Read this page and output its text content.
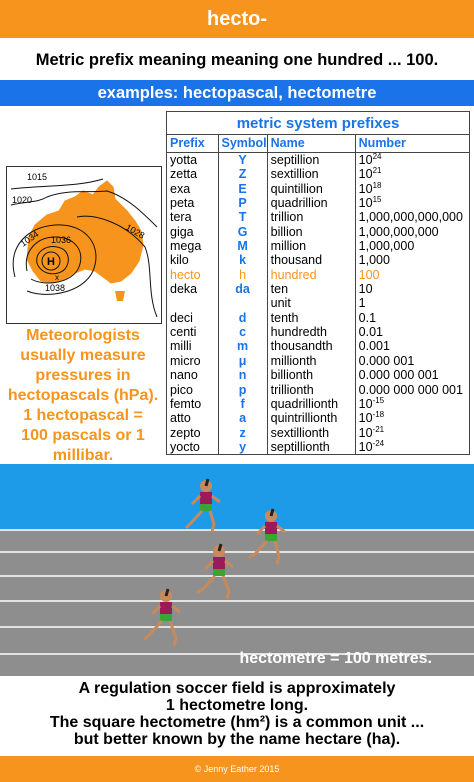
hecto-
Metric prefix meaning meaning one hundred ... 100.
examples: hectopascal, hectometre
1015
1020
1028
1034 1036
H
x
1038
Meteorologists
usually measure
pressures in
hectopascals (hPa).
1 hectopascal =
100 pascals or 1
millibar.
metric system prefixes
Prefix	Symbol	Name	Number
yotta	Y	septillion	$10^{24}$
zetta	Z	sextillion	$10^{21}$
exa	E	quintillion	$10^{18}$
peta	P	quadrillion	$10^{15}$
tera	T	trillion	1,000,000,000,000
giga	G	billion	1,000,000,000
mega	M	million	1,000,000
kilo	k	thousand	1,000
hecto	h	hundred	100
deka	da	ten	10
		unit	1
deci	d	tenth	0.1
centi	c	hundredth	0.01
milli	m	thousandth	0.001
micro	μ	millionth	0.000 001
nano	n	billionth	0.000 000 001
pico	p	trillionth	0.000 000 000 001
femto	f	quadrillionth	$10^{-15}$
atto	a	quintrillionth	$10^{-18}$
zepto	z	sextillionth	$10^{-21}$
yocto	y	septillionth	$10^{-24}$
hectometre = 100 metres.
A regulation soccer field is approximately
1 hectometre long.
The square hectometre (hm²) is a common unit ...
but better known by the name hectare (ha).
© Jenny Eather 2015
